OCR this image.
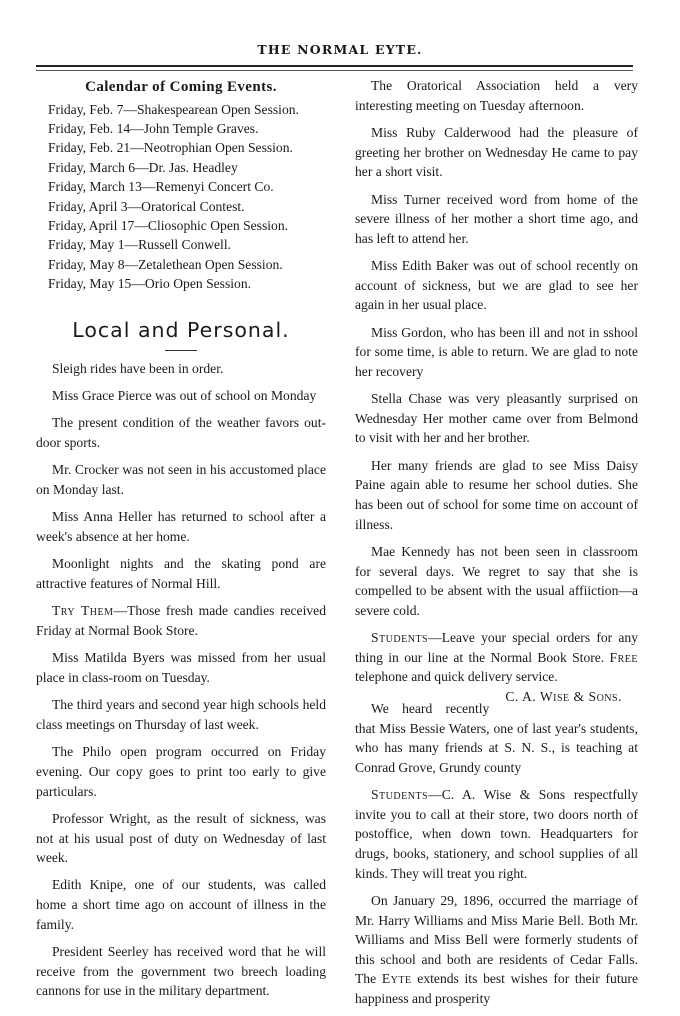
THE NORMAL EYTE.
Calendar of Coming Events.
Friday, Feb. 7—Shakespearean Open Session.
Friday, Feb. 14—John Temple Graves.
Friday, Feb. 21—Neotrophian Open Session.
Friday, March 6—Dr. Jas. Headley
Friday, March 13—Remenyi Concert Co.
Friday, April 3—Oratorical Contest.
Friday, April 17—Cliosophic Open Session.
Friday, May 1—Russell Conwell.
Friday, May 8—Zetalethean Open Session.
Friday, May 15—Orio Open Session.
Local and Personal.

Sleigh rides have been in order.

Miss Grace Pierce was out of school on Monday

The present condition of the weather favors out-door sports.

Mr. Crocker was not seen in his accustomed place on Monday last.

Miss Anna Heller has returned to school after a week's absence at her home.

Moonlight nights and the skating pond are attractive features of Normal Hill.

Try Them—Those fresh made candies received Friday at Normal Book Store.

Miss Matilda Byers was missed from her usual place in class-room on Tuesday.

The third years and second year high schools held class meetings on Thursday of last week.

The Philo open program occurred on Friday evening. Our copy goes to print too early to give particulars.

Professor Wright, as the result of sickness, was not at his usual post of duty on Wednesday of last week.

Edith Knipe, one of our students, was called home a short time ago on account of illness in the family.

President Seerley has received word that he will receive from the government two breech loading cannons for use in the military department.

The Oratorical Association held a very interesting meeting on Tuesday afternoon.

Miss Ruby Calderwood had the pleasure of greeting her brother on Wednesday He came to pay her a short visit.

Miss Turner received word from home of the severe illness of her mother a short time ago, and has left to attend her.

Miss Edith Baker was out of school recently on account of sickness, but we are glad to see her again in her usual place.

Miss Gordon, who has been ill and not in sshool for some time, is able to return. We are glad to note her recovery

Stella Chase was very pleasantly surprised on Wednesday Her mother came over from Belmond to visit with her and her brother.

Her many friends are glad to see Miss Daisy Paine again able to resume her school duties. She has been out of school for some time on account of illness.

Mae Kennedy has not been seen in classroom for several days. We regret to say that she is compelled to be absent with the usual affiiction—a severe cold.

Students—Leave your special orders for any thing in our line at the Normal Book Store. Free telephone and quick delivery service.
C. A. Wise & Sons.

We heard recently that Miss Bessie Waters, one of last year's students, who has many friends at S. N. S., is teaching at Conrad Grove, Grundy county

Students—C. A. Wise & Sons respectfully invite you to call at their store, two doors north of postoffice, when down town. Headquarters for drugs, books, stationery, and school supplies of all kinds. They will treat you right.

On January 29, 1896, occurred the marriage of Mr. Harry Williams and Miss Marie Bell. Both Mr. Williams and Miss Bell were formerly students of this school and both are residents of Cedar Falls. The Eyte extends its best wishes for their future happiness and prosperity
